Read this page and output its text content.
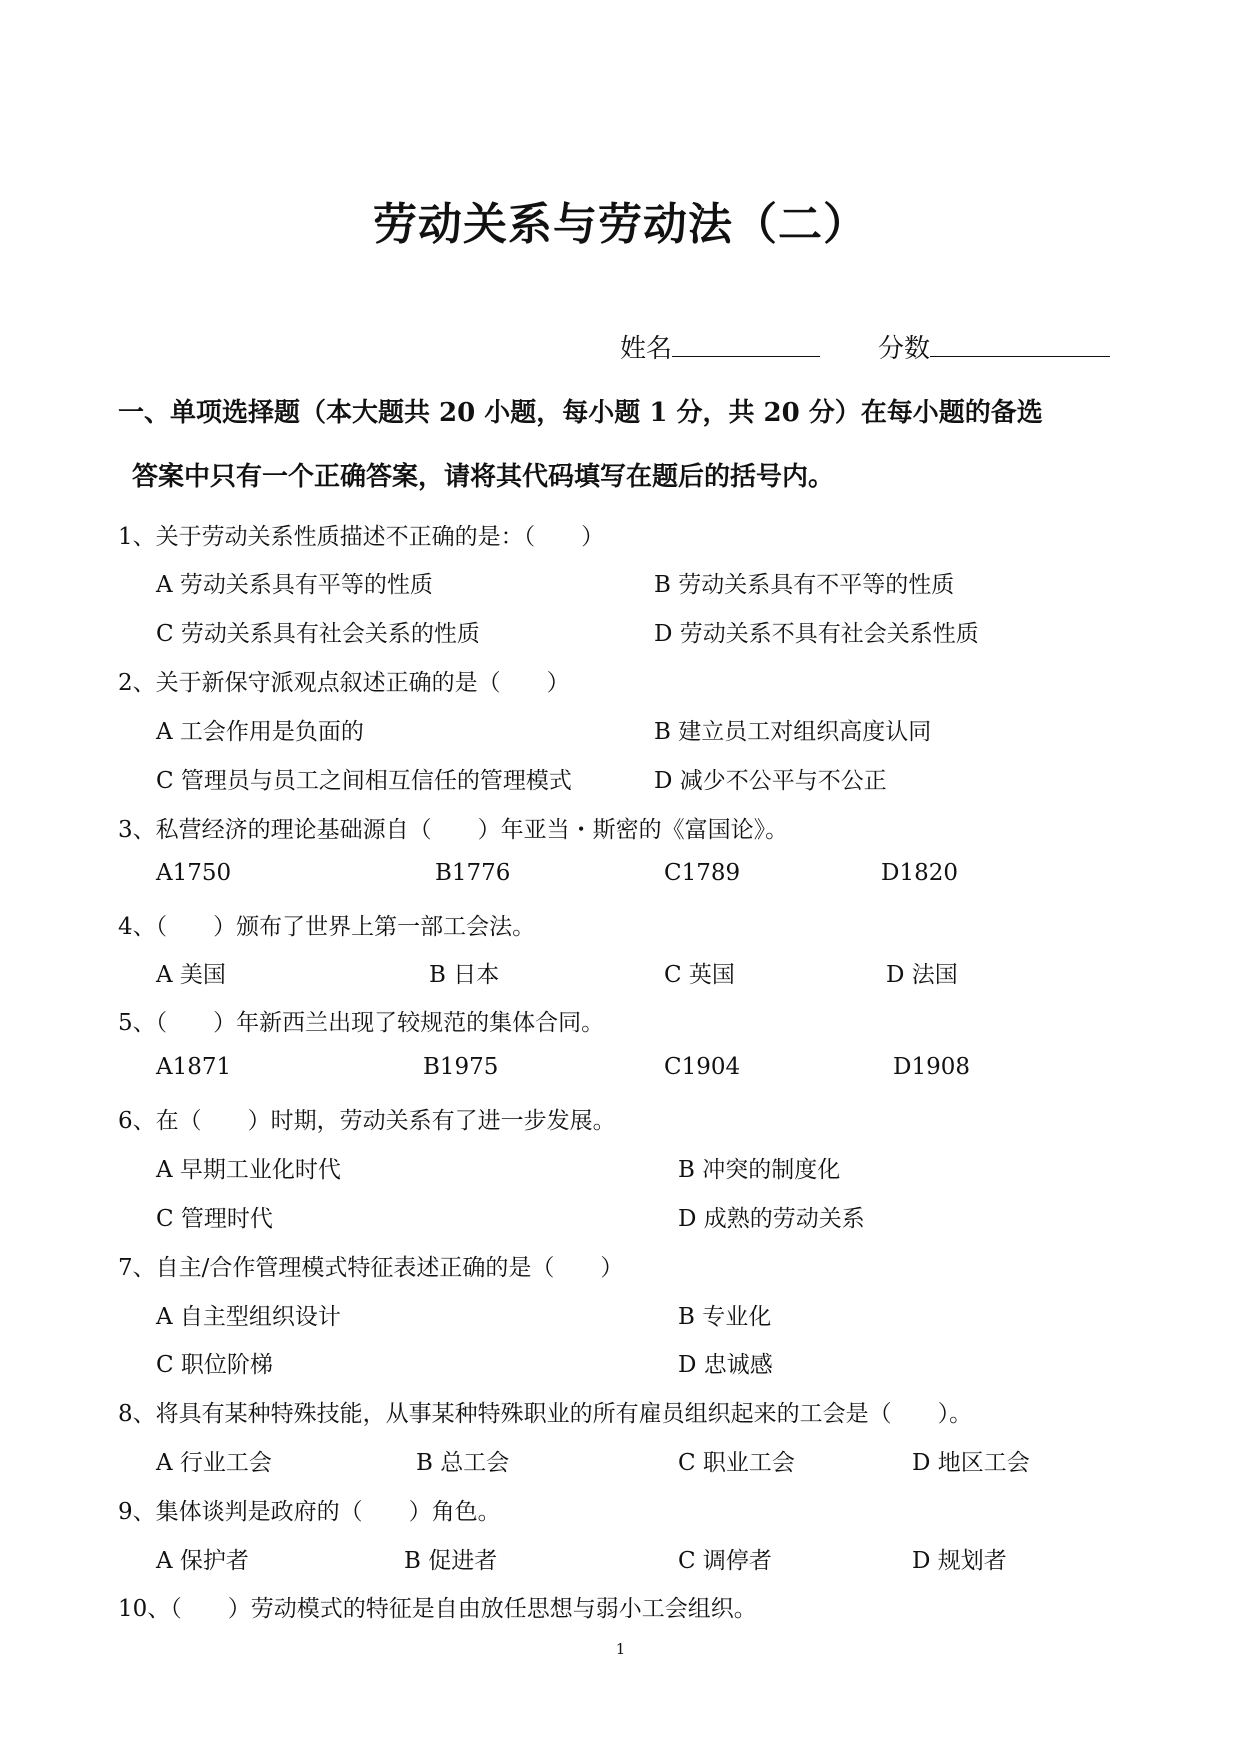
劳动关系与劳动法（二）
姓名	分数
一、单项选择题（本大题共 20 小题，每小题 1 分，共 20 分）在每小题的备选
答案中只有一个正确答案，请将其代码填写在题后的括号内。
1、关于劳动关系性质描述不正确的是：（　　）
A 劳动关系具有平等的性质	B 劳动关系具有不平等的性质
C 劳动关系具有社会关系的性质	D 劳动关系不具有社会关系性质
2、关于新保守派观点叙述正确的是（　　）
A 工会作用是负面的	B 建立员工对组织高度认同
C 管理员与员工之间相互信任的管理模式	D 减少不公平与不公正
3、私营经济的理论基础源自（　　）年亚当・斯密的《富国论》。
A1750	B1776	C1789	D1820
4、（　　）颁布了世界上第一部工会法。
A 美国	B 日本	C 英国	D 法国
5、（　　）年新西兰出现了较规范的集体合同。
A1871	B1975	C1904	D1908
6、在（　　）时期，劳动关系有了进一步发展。
A 早期工业化时代	B 冲突的制度化
C 管理时代	D 成熟的劳动关系
7、自主/合作管理模式特征表述正确的是（　　）
A 自主型组织设计	B 专业化
C 职位阶梯	D 忠诚感
8、将具有某种特殊技能，从事某种特殊职业的所有雇员组织起来的工会是（　　）。
A 行业工会	B 总工会	C 职业工会	D 地区工会
9、集体谈判是政府的（　　）角色。
A 保护者	B 促进者	C 调停者	D 规划者
10、（　　）劳动模式的特征是自由放任思想与弱小工会组织。
1
